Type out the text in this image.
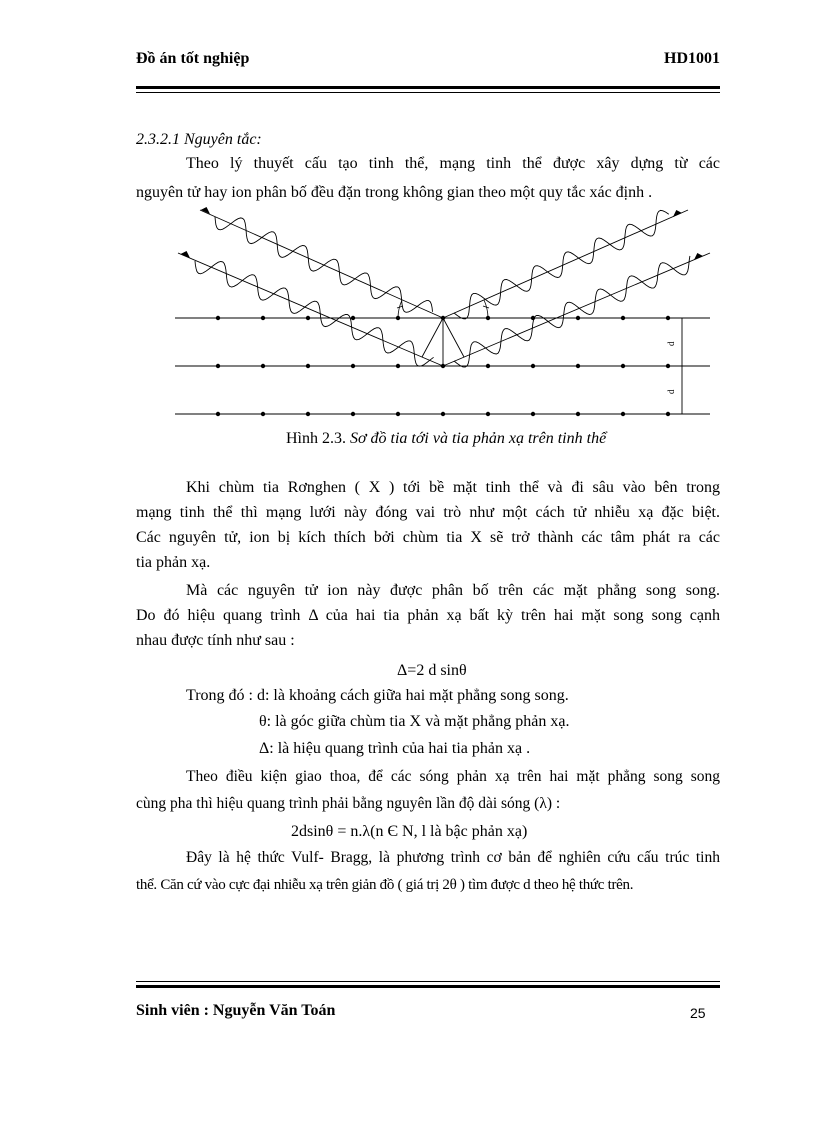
Đồ án tốt nghiệp	HD1001
2.3.2.1 Nguyên tắc:
Theo lý thuyết cấu tạo tinh thể, mạng tinh thể được xây dựng từ các
nguyên tử hay ion phân bố đều đặn trong không gian theo một quy tắc xác định .
d
d
Hình 2.3. Sơ đồ tia tới và tia phản xạ trên tinh thể
Khi chùm tia Rơnghen ( X ) tới bề mặt tinh thể và đi sâu vào bên trong
mạng tinh thể thì mạng lưới này đóng vai trò như một cách tử nhiễu xạ đặc biệt.
Các nguyên tử, ion bị kích thích bởi chùm tia X sẽ trở thành các tâm phát ra các
tia phản xạ.
Mà các nguyên tử ion này được phân bố trên các mặt phẳng song song.
Do đó hiệu quang trình Δ của hai tia phản xạ bất kỳ trên hai mặt song song cạnh
nhau được tính như sau :
Δ=2 d sinθ
Trong đó : d: là khoảng cách giữa hai mặt phẳng song song.
θ: là góc giữa chùm tia X và mặt phẳng phản xạ.
Δ: là hiệu quang trình của hai tia phản xạ .
Theo điều kiện giao thoa, để các sóng phản xạ trên hai mặt phẳng song song
cùng pha thì hiệu quang trình phải bằng nguyên lần độ dài sóng (λ) :
2dsinθ = n.λ(n Є N, l là bậc phản xạ)
Đây là hệ thức Vulf- Bragg, là phương trình cơ bản để nghiên cứu cấu trúc tinh
thể. Căn cứ vào cực đại nhiễu xạ trên giản đồ ( giá trị 2θ ) tìm được d theo hệ thức trên.
Sinh viên : Nguyễn Văn Toán	25
